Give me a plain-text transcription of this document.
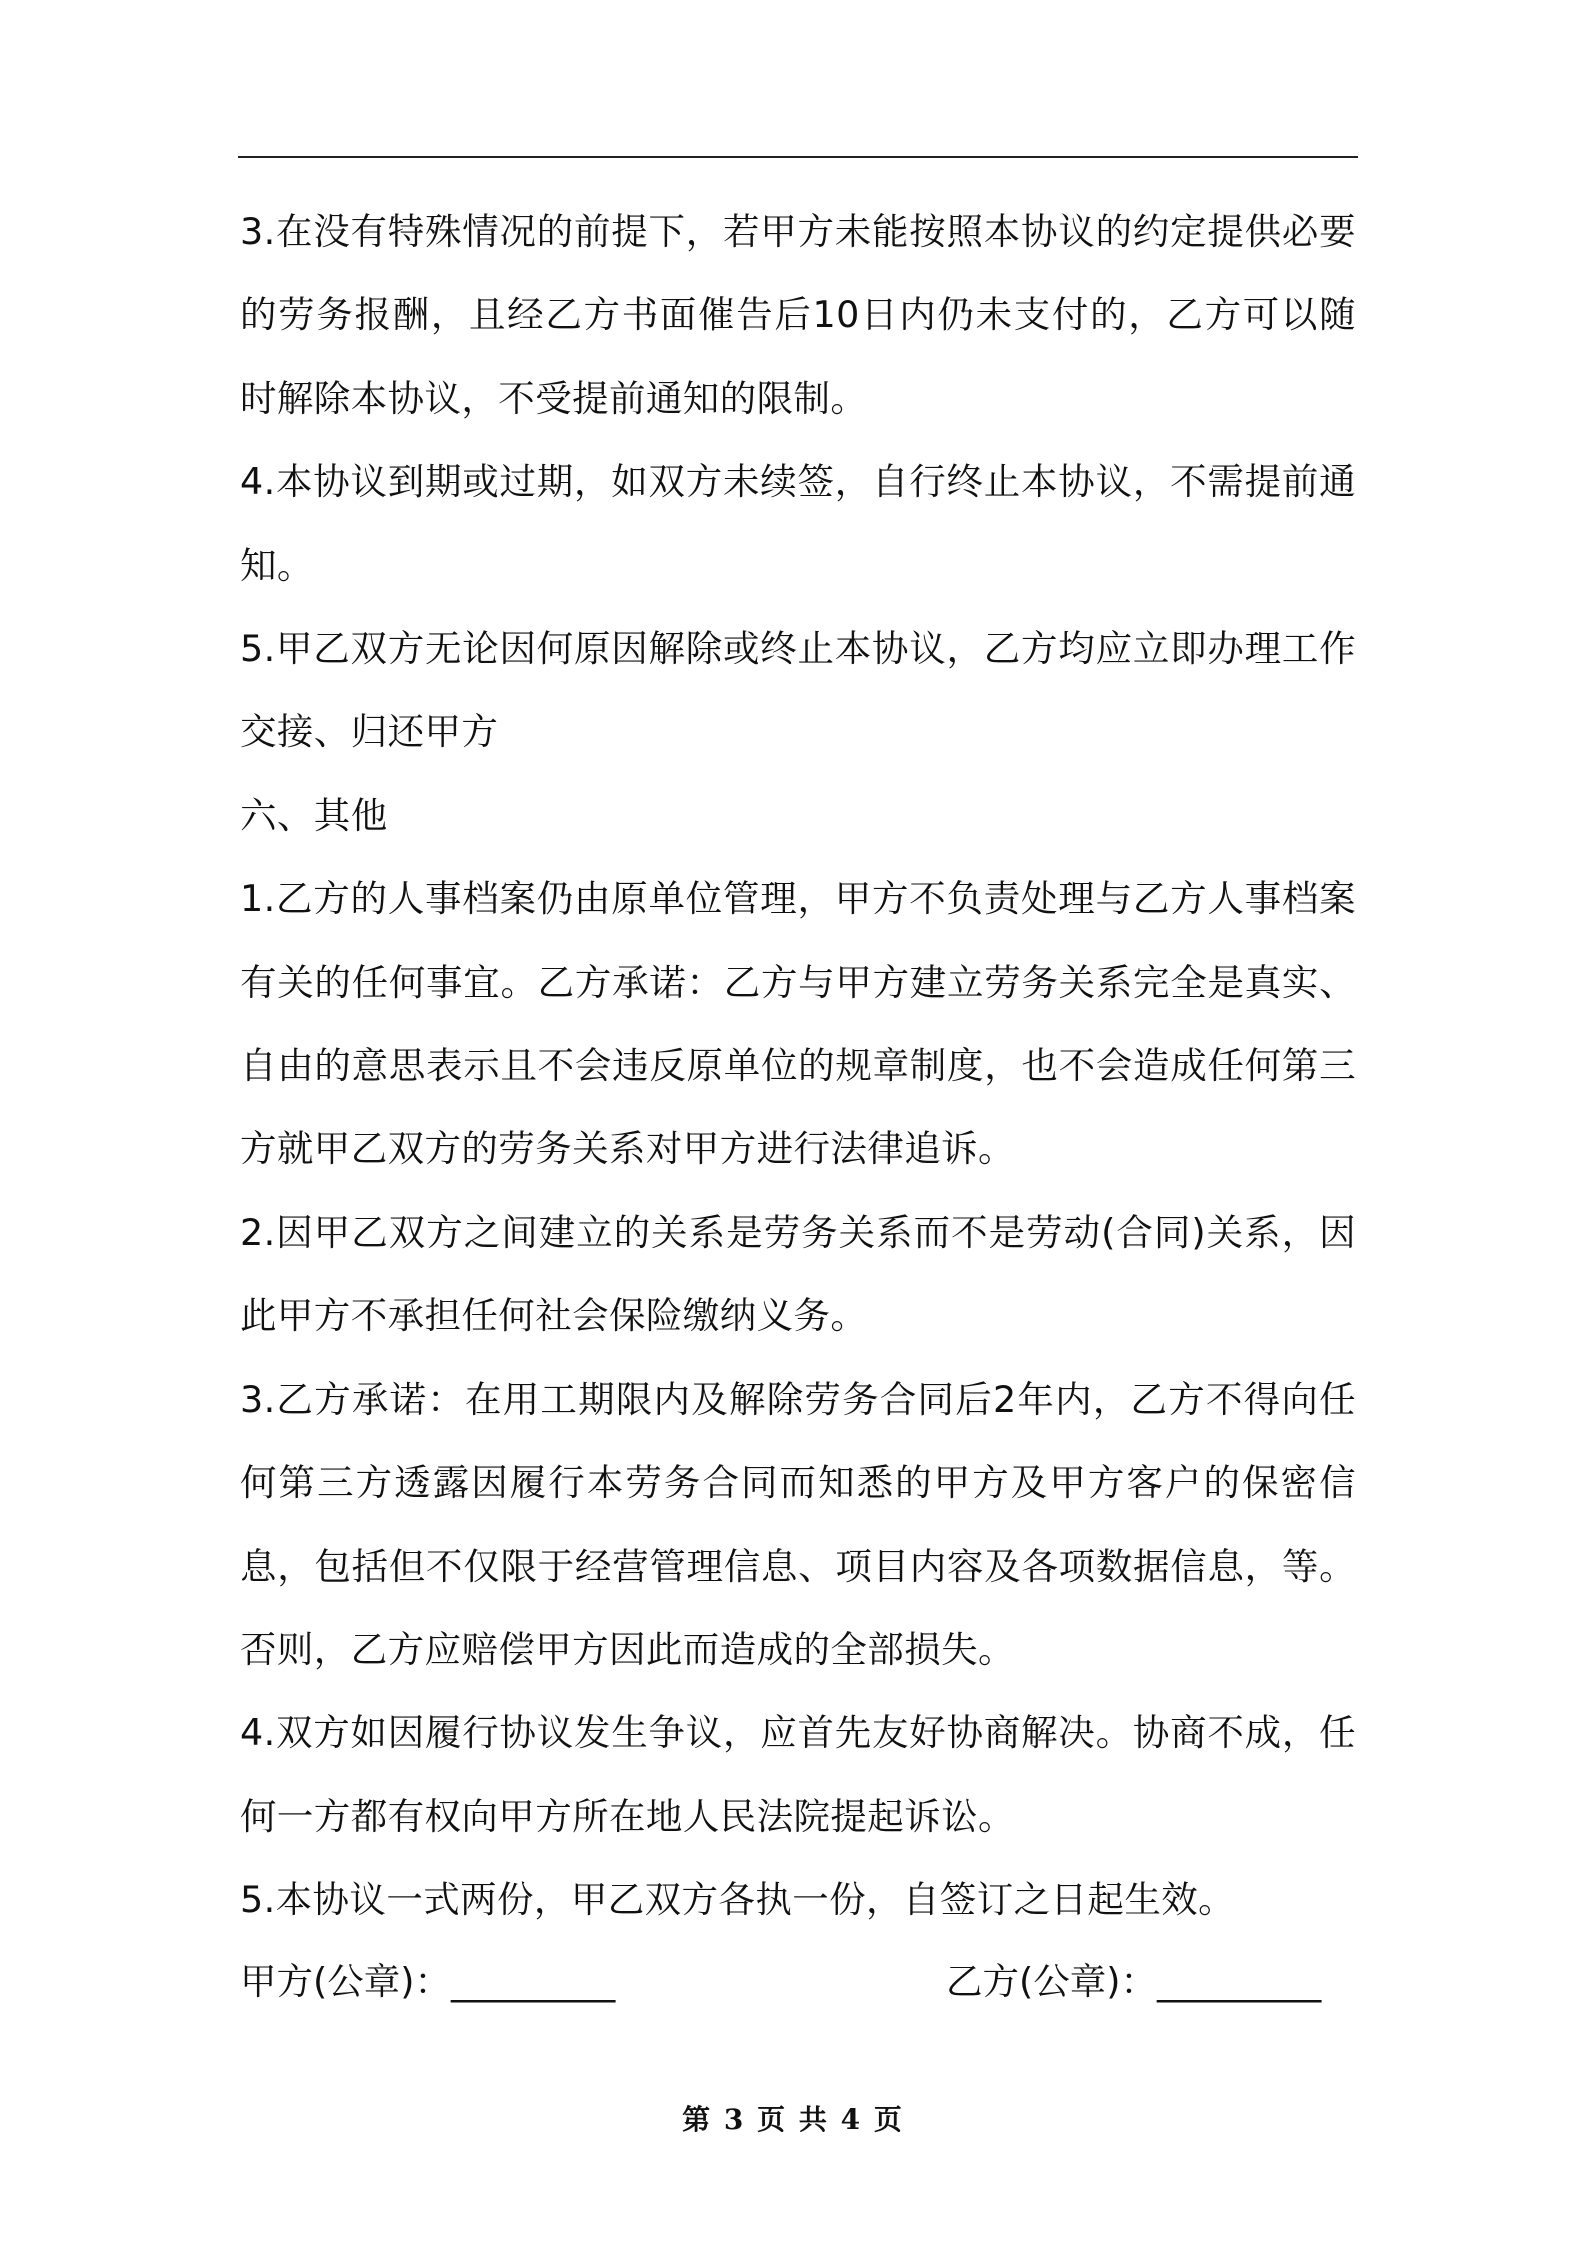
3.在没有特殊情况的前提下，若甲方未能按照本协议的约定提供必要的劳务报酬，且经乙方书面催告后10日内仍未支付的，乙方可以随时解除本协议，不受提前通知的限制。

4.本协议到期或过期，如双方未续签，自行终止本协议，不需提前通知。

5.甲乙双方无论因何原因解除或终止本协议，乙方均应立即办理工作交接、归还甲方

六、其他

1.乙方的人事档案仍由原单位管理，甲方不负责处理与乙方人事档案有关的任何事宜。乙方承诺：乙方与甲方建立劳务关系完全是真实、自由的意思表示且不会违反原单位的规章制度，也不会造成任何第三方就甲乙双方的劳务关系对甲方进行法律追诉。

2.因甲乙双方之间建立的关系是劳务关系而不是劳动(合同)关系，因此甲方不承担任何社会保险缴纳义务。

3.乙方承诺：在用工期限内及解除劳务合同后2年内，乙方不得向任何第三方透露因履行本劳务合同而知悉的甲方及甲方客户的保密信息，包括但不仅限于经营管理信息、项目内容及各项数据信息，等。否则，乙方应赔偿甲方因此而造成的全部损失。

4.双方如因履行协议发生争议，应首先友好协商解决。协商不成，任何一方都有权向甲方所在地人民法院提起诉讼。

5.本协议一式两份，甲乙双方各执一份，自签订之日起生效。

甲方(公章)：_________	乙方(公章)：_________
第 3 页 共 4 页
